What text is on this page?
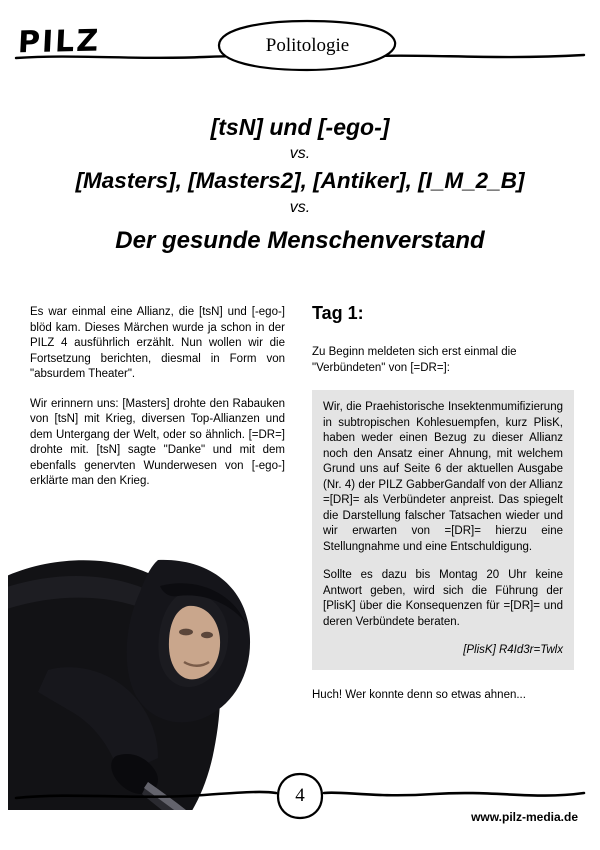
PILZ	Politologie
[tsN] und [-ego-]
vs.
[Masters], [Masters2], [Antiker], [I_M_2_B]
vs.
Der gesunde Menschenverstand

Es war einmal eine Allianz, die [tsN] und [-ego-] blöd kam. Dieses Märchen wurde ja schon in der PILZ 4 ausführlich erzählt. Nun wollen wir die Fortsetzung berichten, diesmal in Form von "absurdem Theater".

Wir erinnern uns: [Masters] drohte den Rabauken von [tsN] mit Krieg, diversen Top-Allianzen und dem Untergang der Welt, oder so ähnlich. [=DR=] drohte mit. [tsN] sagte "Danke" und mit dem ebenfalls genervten Wunderwesen von [-ego-] erklärte man den Krieg.

Tag 1:
Zu Beginn meldeten sich erst einmal die "Verbündeten" von [=DR=]:

Wir, die Praehistorische Insektenmumifizierung in subtropischen Kohlesuempfen, kurz PlisK, haben weder einen Bezug zu dieser Allianz noch den Ansatz einer Ahnung, mit welchem Grund uns auf Seite 6 der aktuellen Ausgabe (Nr. 4) der PILZ GabberGandalf von der Allianz =[DR]= als Verbündeter anpreist. Das spiegelt die Darstellung falscher Tatsachen wieder und wir erwarten von =[DR]= hierzu eine Stellungnahme und eine Entschuldigung.

Sollte es dazu bis Montag 20 Uhr keine Antwort geben, wird sich die Führung der [PlisK] über die Konsequenzen für =[DR]= und deren Verbündete beraten.

[PlisK] R4Id3r=Twlx
Huch! Wer konnte denn so etwas ahnen...
4
www.pilz-media.de
